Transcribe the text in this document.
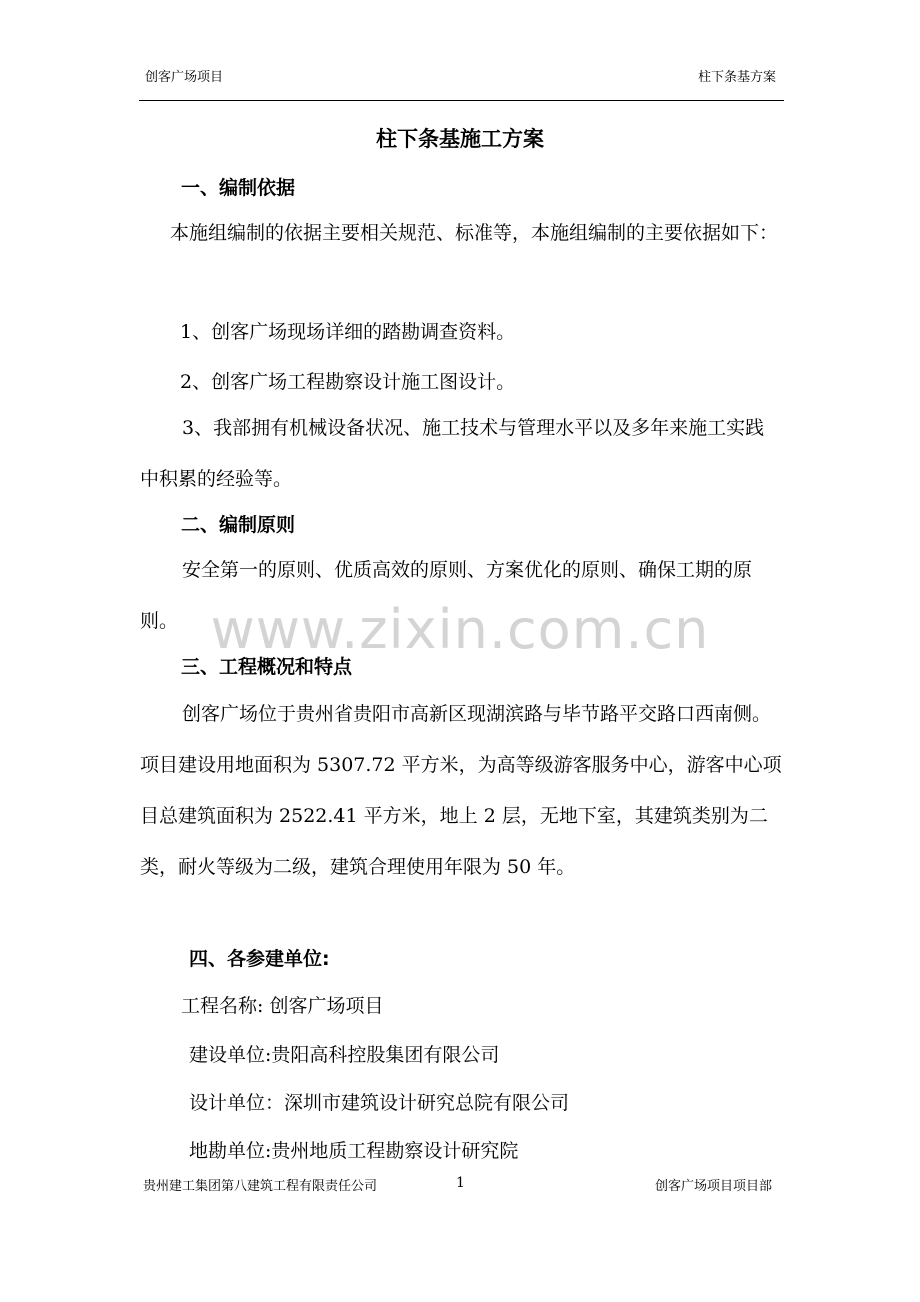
创客广场项目	柱下条基方案
柱下条基施工方案
一、编制依据
本施组编制的依据主要相关规范、标准等，本施组编制的主要依据如下：
1、创客广场现场详细的踏勘调查资料。
2、创客广场工程勘察设计施工图设计。
3、我部拥有机械设备状况、施工技术与管理水平以及多年来施工实践中积累的经验等。
二、编制原则
安全第一的原则、优质高效的原则、方案优化的原则、确保工期的原则。 www.zixin.com.cn
三、工程概况和特点
创客广场位于贵州省贵阳市高新区现湖滨路与毕节路平交路口西南侧。项目建设用地面积为 5307.72 平方米，为高等级游客服务中心，游客中心项目总建筑面积为 2522.41 平方米，地上 2 层，无地下室，其建筑类别为二类，耐火等级为二级，建筑合理使用年限为 50 年。
四、各参建单位:
工程名称: 创客广场项目
建设单位:贵阳高科控股集团有限公司
设计单位：深圳市建筑设计研究总院有限公司
地勘单位:贵州地质工程勘察设计研究院
贵州建工集团第八建筑工程有限责任公司	1	创客广场项目项目部
